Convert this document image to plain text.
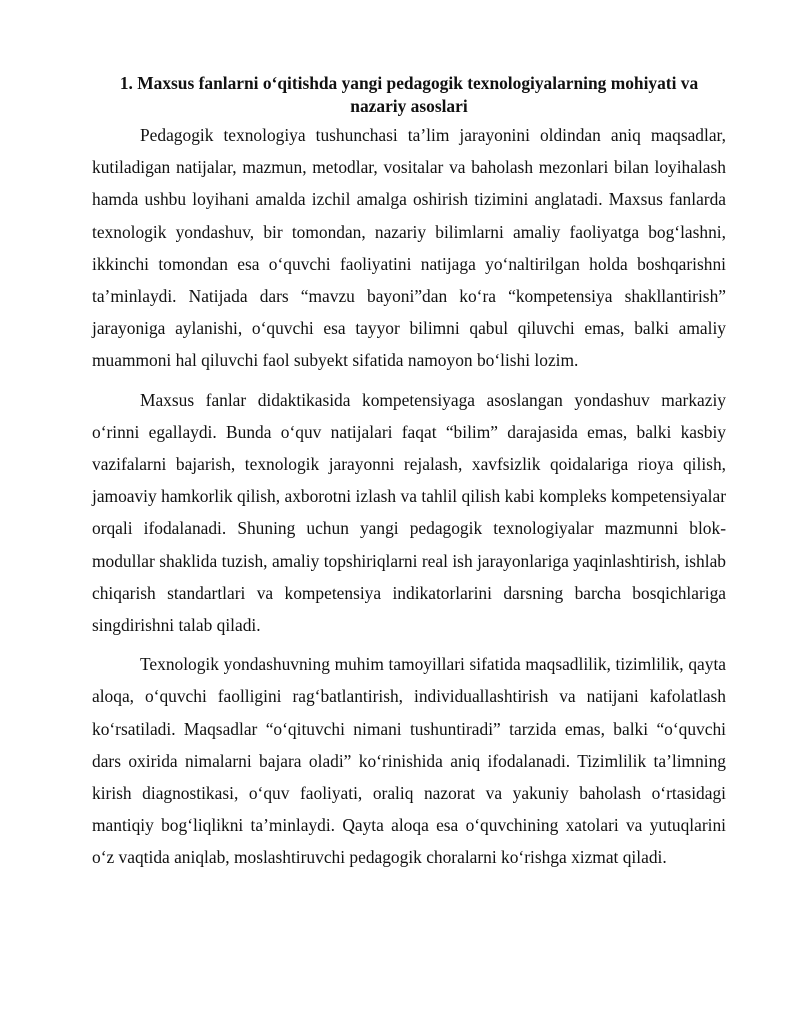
1. Maxsus fanlarni o‘qitishda yangi pedagogik texnologiyalarning mohiyati va nazariy asoslari

Pedagogik texnologiya tushunchasi ta’lim jarayonini oldindan aniq maqsadlar, kutiladigan natijalar, mazmun, metodlar, vositalar va baholash mezonlari bilan loyihalash hamda ushbu loyihani amalda izchil amalga oshirish tizimini anglatadi. Maxsus fanlarda texnologik yondashuv, bir tomondan, nazariy bilimlarni amaliy faoliyatga bog‘lashni, ikkinchi tomondan esa o‘quvchi faoliyatini natijaga yo‘naltirilgan holda boshqarishni ta’minlaydi. Natijada dars “mavzu bayoni”dan ko‘ra “kompetensiya shakllantirish” jarayoniga aylanishi, o‘quvchi esa tayyor bilimni qabul qiluvchi emas, balki amaliy muammoni hal qiluvchi faol subyekt sifatida namoyon bo‘lishi lozim.

Maxsus fanlar didaktikasida kompetensiyaga asoslangan yondashuv markaziy o‘rinni egallaydi. Bunda o‘quv natijalari faqat “bilim” darajasida emas, balki kasbiy vazifalarni bajarish, texnologik jarayonni rejalash, xavfsizlik qoidalariga rioya qilish, jamoaviy hamkorlik qilish, axborotni izlash va tahlil qilish kabi kompleks kompetensiyalar orqali ifodalanadi. Shuning uchun yangi pedagogik texnologiyalar mazmunni blok-modullar shaklida tuzish, amaliy topshiriqlarni real ish jarayonlariga yaqinlashtirish, ishlab chiqarish standartlari va kompetensiya indikatorlarini darsning barcha bosqichlariga singdirishni talab qiladi.

Texnologik yondashuvning muhim tamoyillari sifatida maqsadlilik, tizimlilik, qayta aloqa, o‘quvchi faolligini rag‘batlantirish, individuallashtirish va natijani kafolatlash ko‘rsatiladi. Maqsadlar “o‘qituvchi nimani tushuntiradi” tarzida emas, balki “o‘quvchi dars oxirida nimalarni bajara oladi” ko‘rinishida aniq ifodalanadi. Tizimlilik ta’limning kirish diagnostikasi, o‘quv faoliyati, oraliq nazorat va yakuniy baholash o‘rtasidagi mantiqiy bog‘liqlikni ta’minlaydi. Qayta aloqa esa o‘quvchining xatolari va yutuqlarini o‘z vaqtida aniqlab, moslashtiruvchi pedagogik choralarni ko‘rishga xizmat qiladi.
